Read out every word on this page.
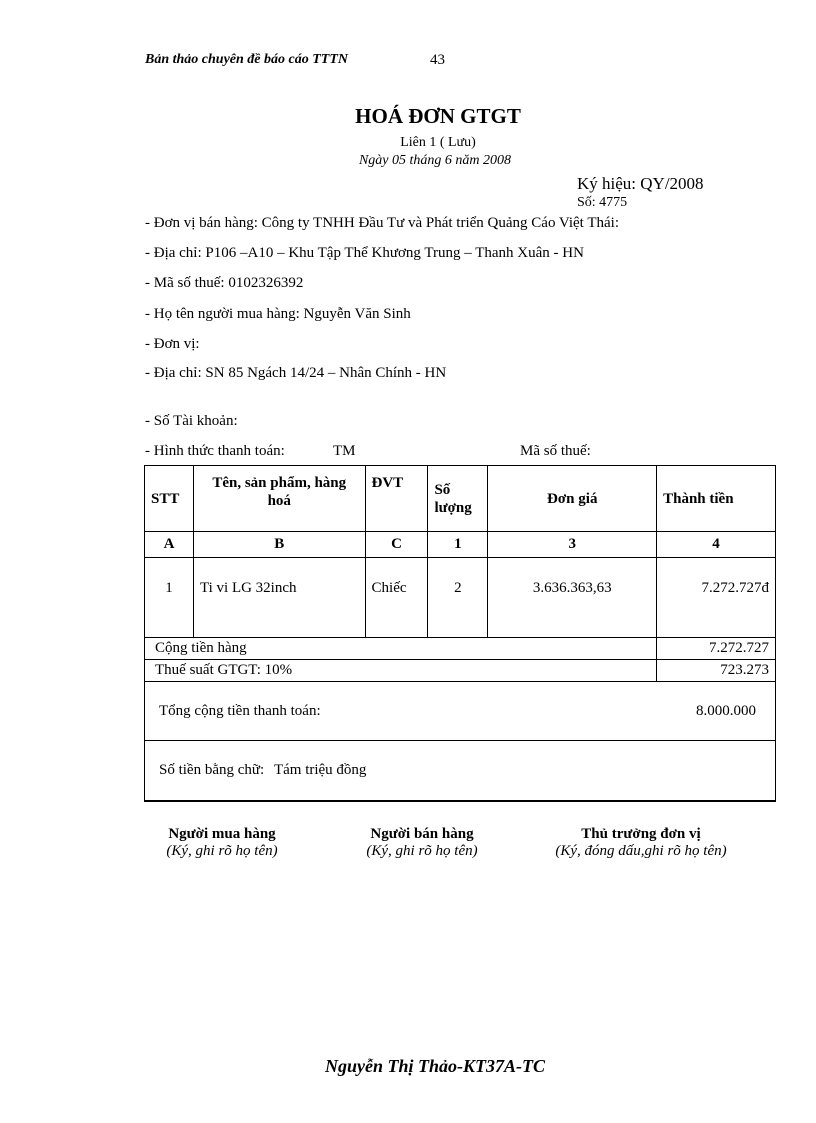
Bản thảo chuyên đề báo cáo TTTN	43
HOÁ ĐƠN GTGT
Liên 1 ( Lưu)
Ngày 05 tháng 6 năm 2008
Ký hiệu: QY/2008
Số: 4775
- Đơn vị bán hàng: Công ty TNHH Đầu Tư và Phát triển Quảng Cáo Việt Thái:
- Địa chỉ: P106 –A10 – Khu Tập Thể Khương Trung – Thanh Xuân - HN
- Mã số thuế: 0102326392
- Họ tên người mua hàng: Nguyễn Văn Sinh
- Đơn vị:
- Địa chỉ: SN 85 Ngách 14/24 – Nhân Chính - HN
- Số Tài khoản:
- Hình thức thanh toán:	TM	Mã số thuế:
STT	Tên, sản phẩm, hàng hoá	ĐVT	Số lượng	Đơn giá	Thành tiền
A	B	C	1	3	4
1	Ti vi LG 32inch	Chiếc	2	3.636.363,63	7.272.727đ
Cộng tiền hàng					7.272.727
Thuế suất GTGT: 10%					723.273
Tổng cộng tiền thanh toán: 8.000.000					

Số tiền bằng chữ: Tám triệu đồng					
Người mua hàng
(Ký, ghi rõ họ tên)
Người bán hàng
(Ký, ghi rõ họ tên)
Thủ trưởng đơn vị
(Ký, đóng dấu,ghi rõ họ tên)
Nguyễn Thị Thảo-KT37A-TC
